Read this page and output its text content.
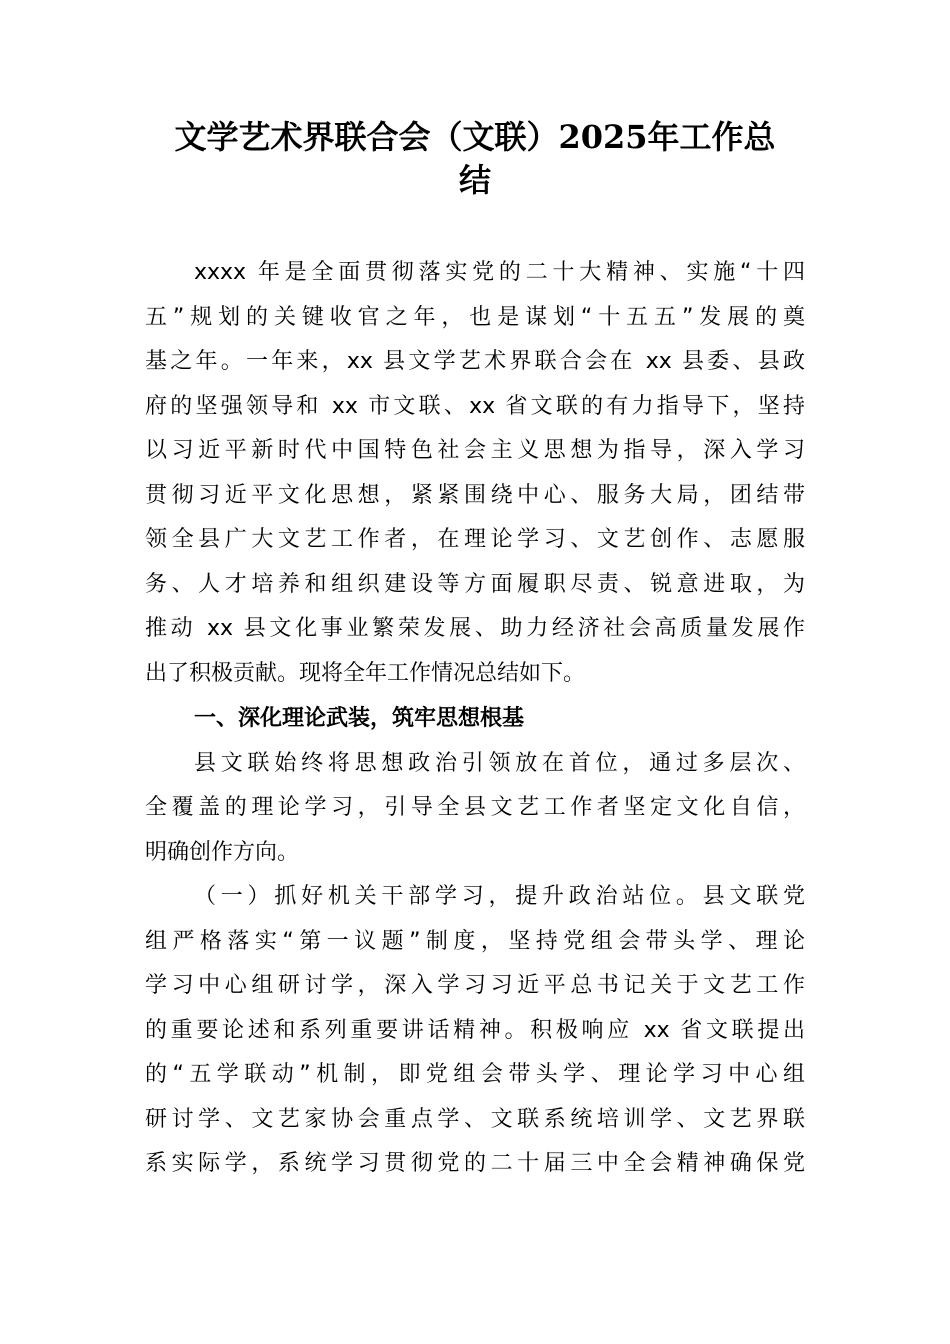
文学艺术界联合会（文联）2025年工作总
结
xxxx 年是全面贯彻落实党的二十大精神、实施“十四
五”规划的关键收官之年，也是谋划“十五五”发展的奠
基之年。一年来，xx 县文学艺术界联合会在 xx 县委、县政
府的坚强领导和 xx 市文联、xx 省文联的有力指导下，坚持
以习近平新时代中国特色社会主义思想为指导，深入学习
贯彻习近平文化思想，紧紧围绕中心、服务大局，团结带
领全县广大文艺工作者，在理论学习、文艺创作、志愿服
务、人才培养和组织建设等方面履职尽责、锐意进取，为
推动 xx 县文化事业繁荣发展、助力经济社会高质量发展作
出了积极贡献。现将全年工作情况总结如下。
一、深化理论武装，筑牢思想根基
县文联始终将思想政治引领放在首位，通过多层次、
全覆盖的理论学习，引导全县文艺工作者坚定文化自信，
明确创作方向。
（一）抓好机关干部学习，提升政治站位。县文联党
组严格落实“第一议题”制度，坚持党组会带头学、理论
学习中心组研讨学，深入学习习近平总书记关于文艺工作
的重要论述和系列重要讲话精神。积极响应 xx 省文联提出
的“五学联动”机制，即党组会带头学、理论学习中心组
研讨学、文艺家协会重点学、文联系统培训学、文艺界联
系实际学，系统学习贯彻党的二十届三中全会精神确保党
